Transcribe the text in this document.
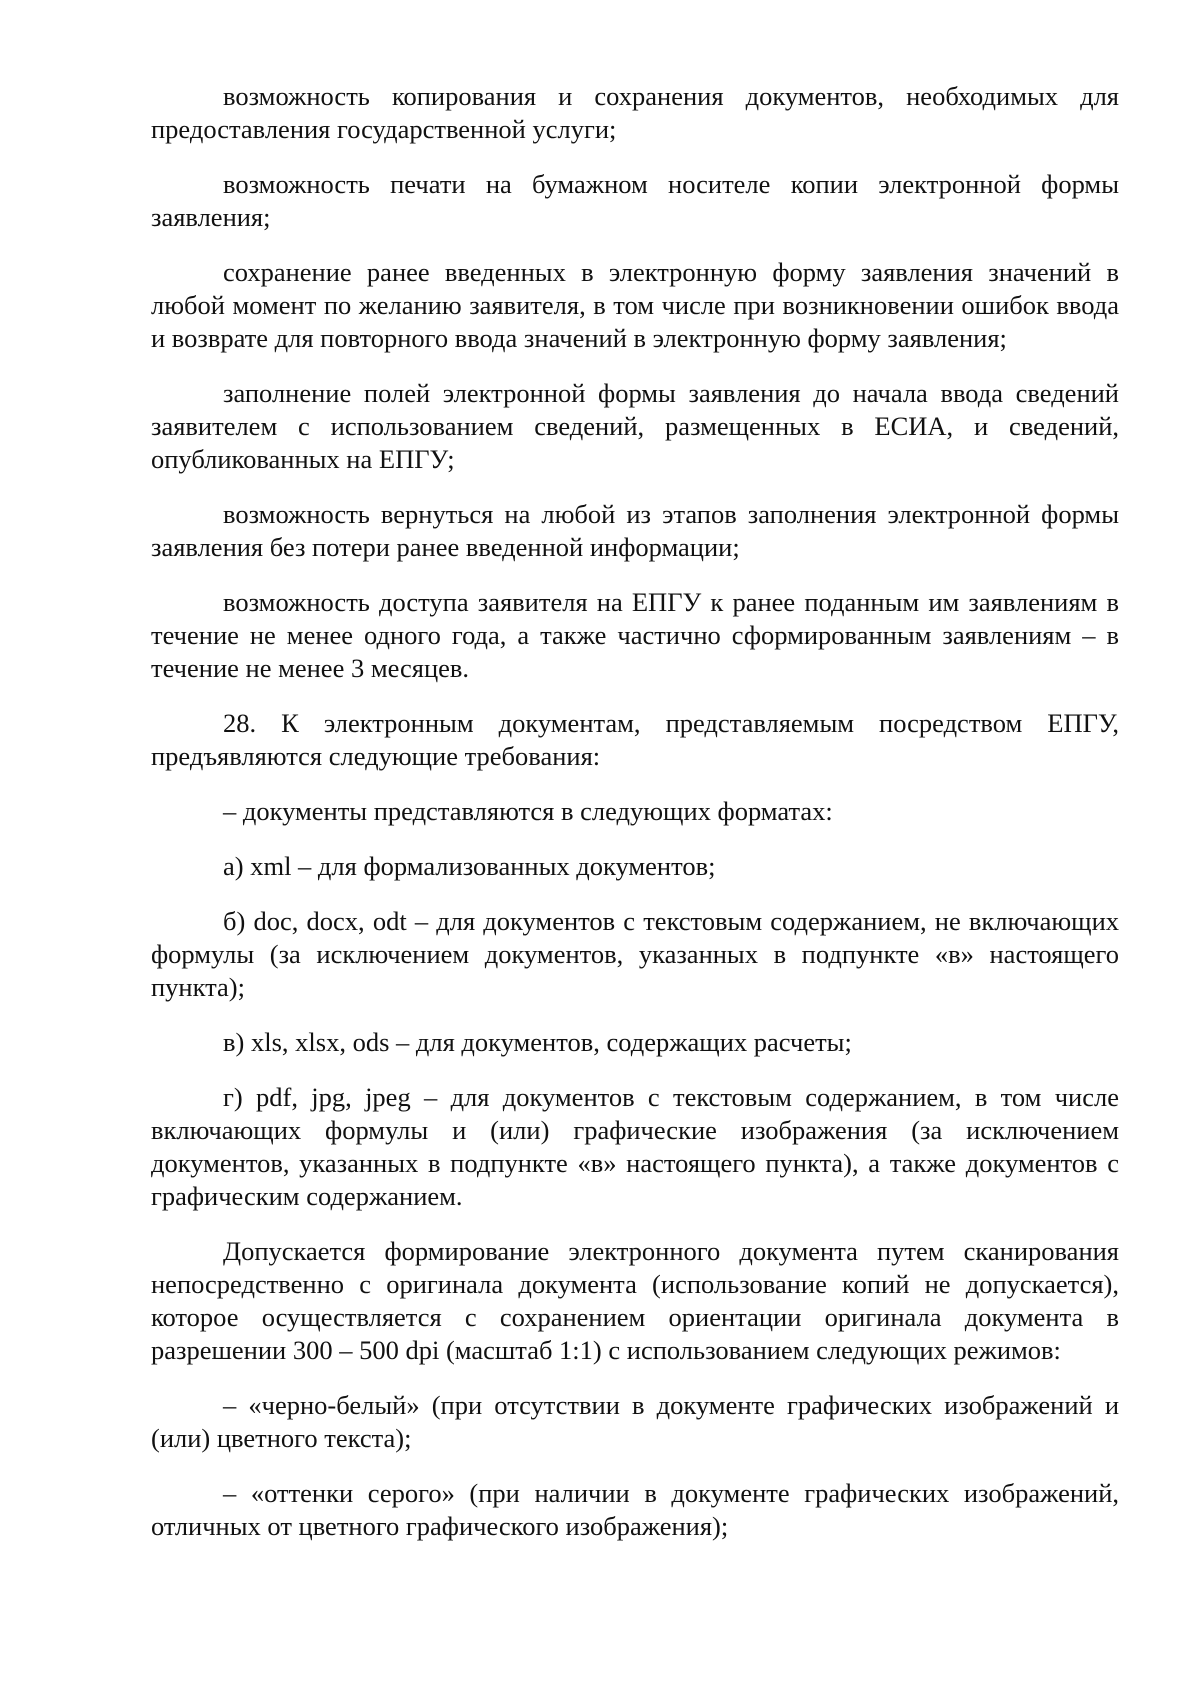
возможность копирования и сохранения документов, необходимых для предоставления государственной услуги;

возможность печати на бумажном носителе копии электронной формы заявления;

сохранение ранее введенных в электронную форму заявления значений в любой момент по желанию заявителя, в том числе при возникновении ошибок ввода и возврате для повторного ввода значений в электронную форму заявления;

заполнение полей электронной формы заявления до начала ввода сведений заявителем с использованием сведений, размещенных в ЕСИА, и сведений, опубликованных на ЕПГУ;

возможность вернуться на любой из этапов заполнения электронной формы заявления без потери ранее введенной информации;

возможность доступа заявителя на ЕПГУ к ранее поданным им заявлениям в течение не менее одного года, а также частично сформированным заявлениям – в течение не менее 3 месяцев.

28. К электронным документам, представляемым посредством ЕПГУ, предъявляются следующие требования:

– документы представляются в следующих форматах:

а) xml – для формализованных документов;

б) doc, docx, odt – для документов с текстовым содержанием, не включающих формулы (за исключением документов, указанных в подпункте «в» настоящего пункта);

в) xls, xlsx, ods – для документов, содержащих расчеты;

г) pdf, jpg, jpeg – для документов с текстовым содержанием, в том числе включающих формулы и (или) графические изображения (за исключением документов, указанных в подпункте «в» настоящего пункта), а также документов с графическим содержанием.

Допускается формирование электронного документа путем сканирования непосредственно с оригинала документа (использование копий не допускается), которое осуществляется с сохранением ориентации оригинала документа в разрешении 300 – 500 dpi (масштаб 1:1) с использованием следующих режимов:

– «черно-белый» (при отсутствии в документе графических изображений и (или) цветного текста);

– «оттенки серого» (при наличии в документе графических изображений, отличных от цветного графического изображения);
